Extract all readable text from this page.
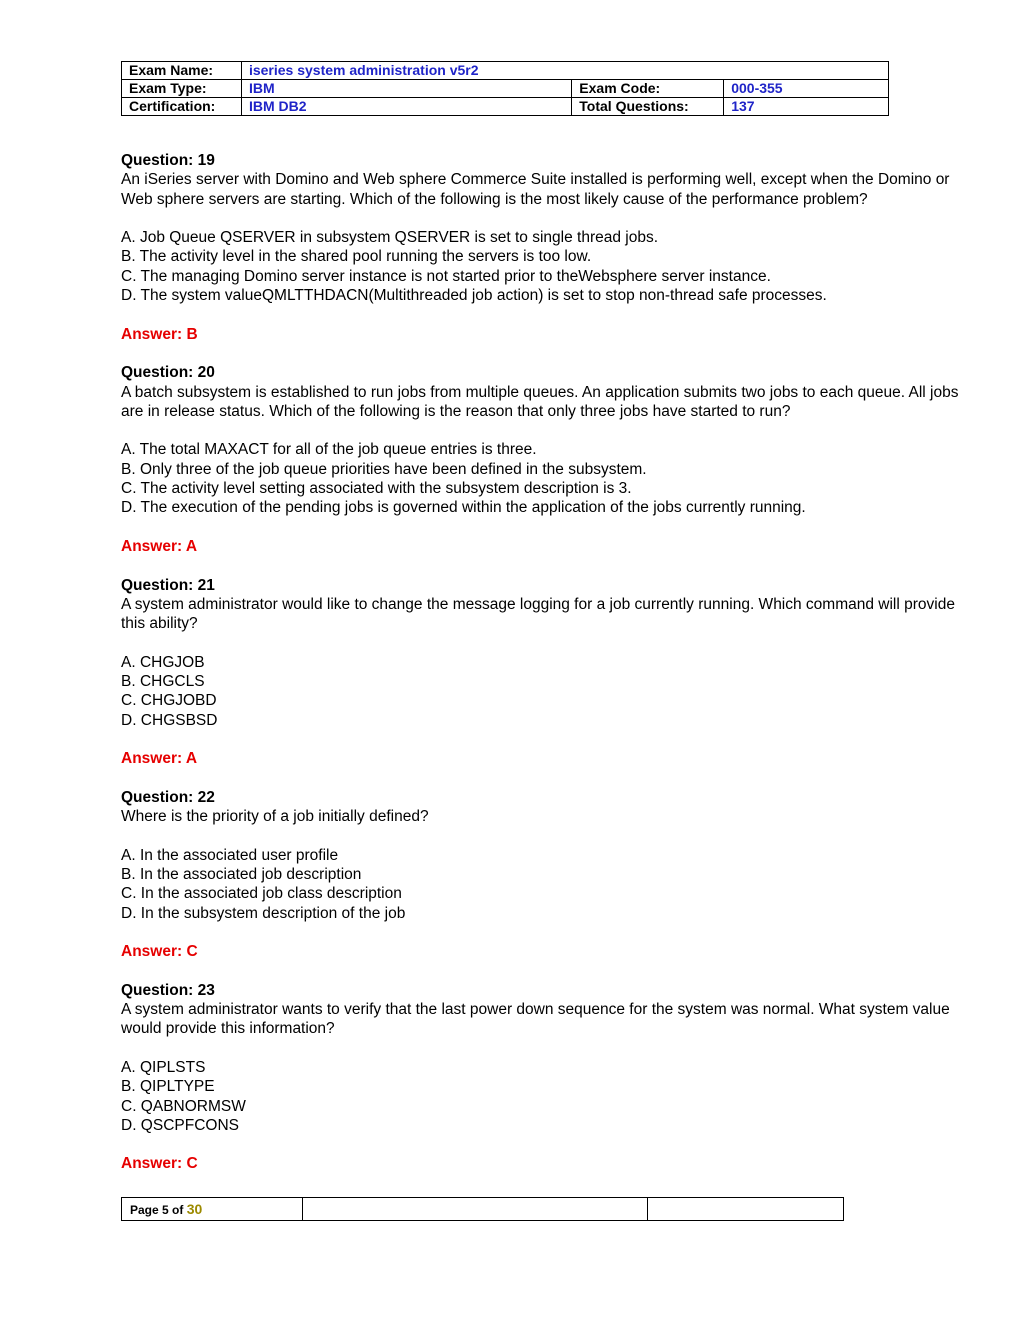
Exam Name:	iseries system administration v5r2		
Exam Type:	IBM	Exam Code:	000-355
Certification:	IBM DB2	Total Questions:	137
Question: 19
An iSeries server with Domino and Web sphere Commerce Suite installed is performing well, except when the Domino or Web sphere servers are starting. Which of the following is the most likely cause of the performance problem?
A. Job Queue QSERVER in subsystem QSERVER is set to single thread jobs.
B. The activity level in the shared pool running the servers is too low.
C. The managing Domino server instance is not started prior to theWebsphere server instance.
D. The system valueQMLTTHDACN(Multithreaded job action) is set to stop non-thread safe processes.
Answer: B
Question: 20
A batch subsystem is established to run jobs from multiple queues. An application submits two jobs to each queue. All jobs are in release status. Which of the following is the reason that only three jobs have started to run?
A. The total MAXACT for all of the job queue entries is three.
B. Only three of the job queue priorities have been defined in the subsystem.
C. The activity level setting associated with the subsystem description is 3.
D. The execution of the pending jobs is governed within the application of the jobs currently running.
Answer: A
Question: 21
A system administrator would like to change the message logging for a job currently running. Which command will provide this ability?
A. CHGJOB
B. CHGCLS
C. CHGJOBD
D. CHGSBSD
Answer: A
Question: 22
Where is the priority of a job initially defined?
A. In the associated user profile
B. In the associated job description
C. In the associated job class description
D. In the subsystem description of the job
Answer: C
Question: 23
A system administrator wants to verify that the last power down sequence for the system was normal. What system value would provide this information?
A. QIPLSTS
B. QIPLTYPE
C. QABNORMSW
D. QSCPFCONS
Answer: C
Page 5 of 30		
